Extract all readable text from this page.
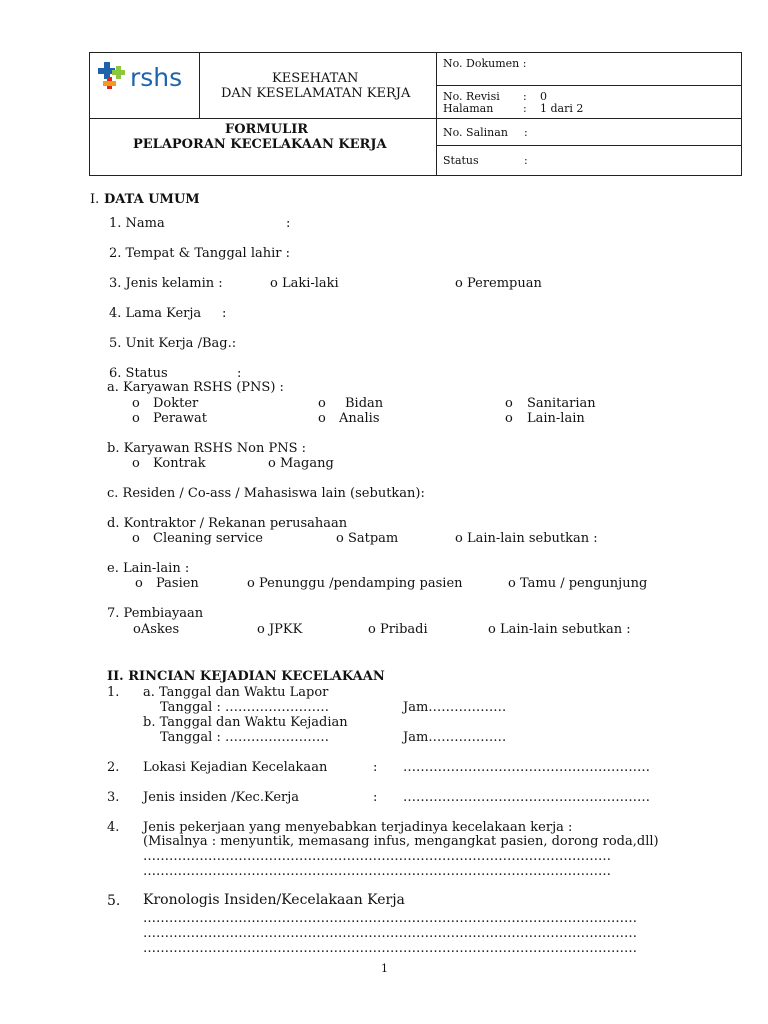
rshs	KESEHATAN
DAN KESELAMATAN KERJA
FORMULIR
PELAPORAN KECELAKAAN KERJA
No. Dokumen :
No. Revisi : 0
Halaman	: 1 dari 2
No. Salinan :
Status	:
I. DATA UMUM
1. Nama	:
2. Tempat & Tanggal lahir :
3. Jenis kelamin :	o Laki-laki	o Perempuan
4. Lama Kerja :
5. Unit Kerja /Bag.:
6. Status	:
a. Karyawan RSHS (PNS) :
o Dokter	o Bidan	o Sanitarian
o Perawat	o Analis	o Lain-lain
b. Karyawan RSHS Non PNS :
o Kontrak	o Magang
c. Residen / Co-ass / Mahasiswa lain (sebutkan):
d. Kontraktor / Rekanan perusahaan
o Cleaning service	o Satpam	o Lain-lain sebutkan :
e. Lain-lain :
o Pasien	o Penunggu /pendamping pasien	o Tamu / pengunjung
7. Pembiayaan
oAskes	o JPKK	o Pribadi	o Lain-lain sebutkan :
II. RINCIAN KEJADIAN KECELAKAAN
1. a. Tanggal dan Waktu Lapor
Tanggal : ……………………	Jam………………
b. Tanggal dan Waktu Kejadian
Tanggal : ……………………	Jam………………
2. Lokasi Kejadian Kecelakaan	: …………………………………………………
3. Jenis insiden /Kec.Kerja	: …………………………………………………
4. Jenis pekerjaan yang menyebabkan terjadinya kecelakaan kerja :
(Misalnya : menyuntik, memasang infus, mengangkat pasien, dorong roda,dll)
………………………………………………………………………………………………
………………………………………………………………………………………………
5. Kronologis Insiden/Kecelakaan Kerja
……………………………………………………………………………………………………
……………………………………………………………………………………………………
……………………………………………………………………………………………………
1
